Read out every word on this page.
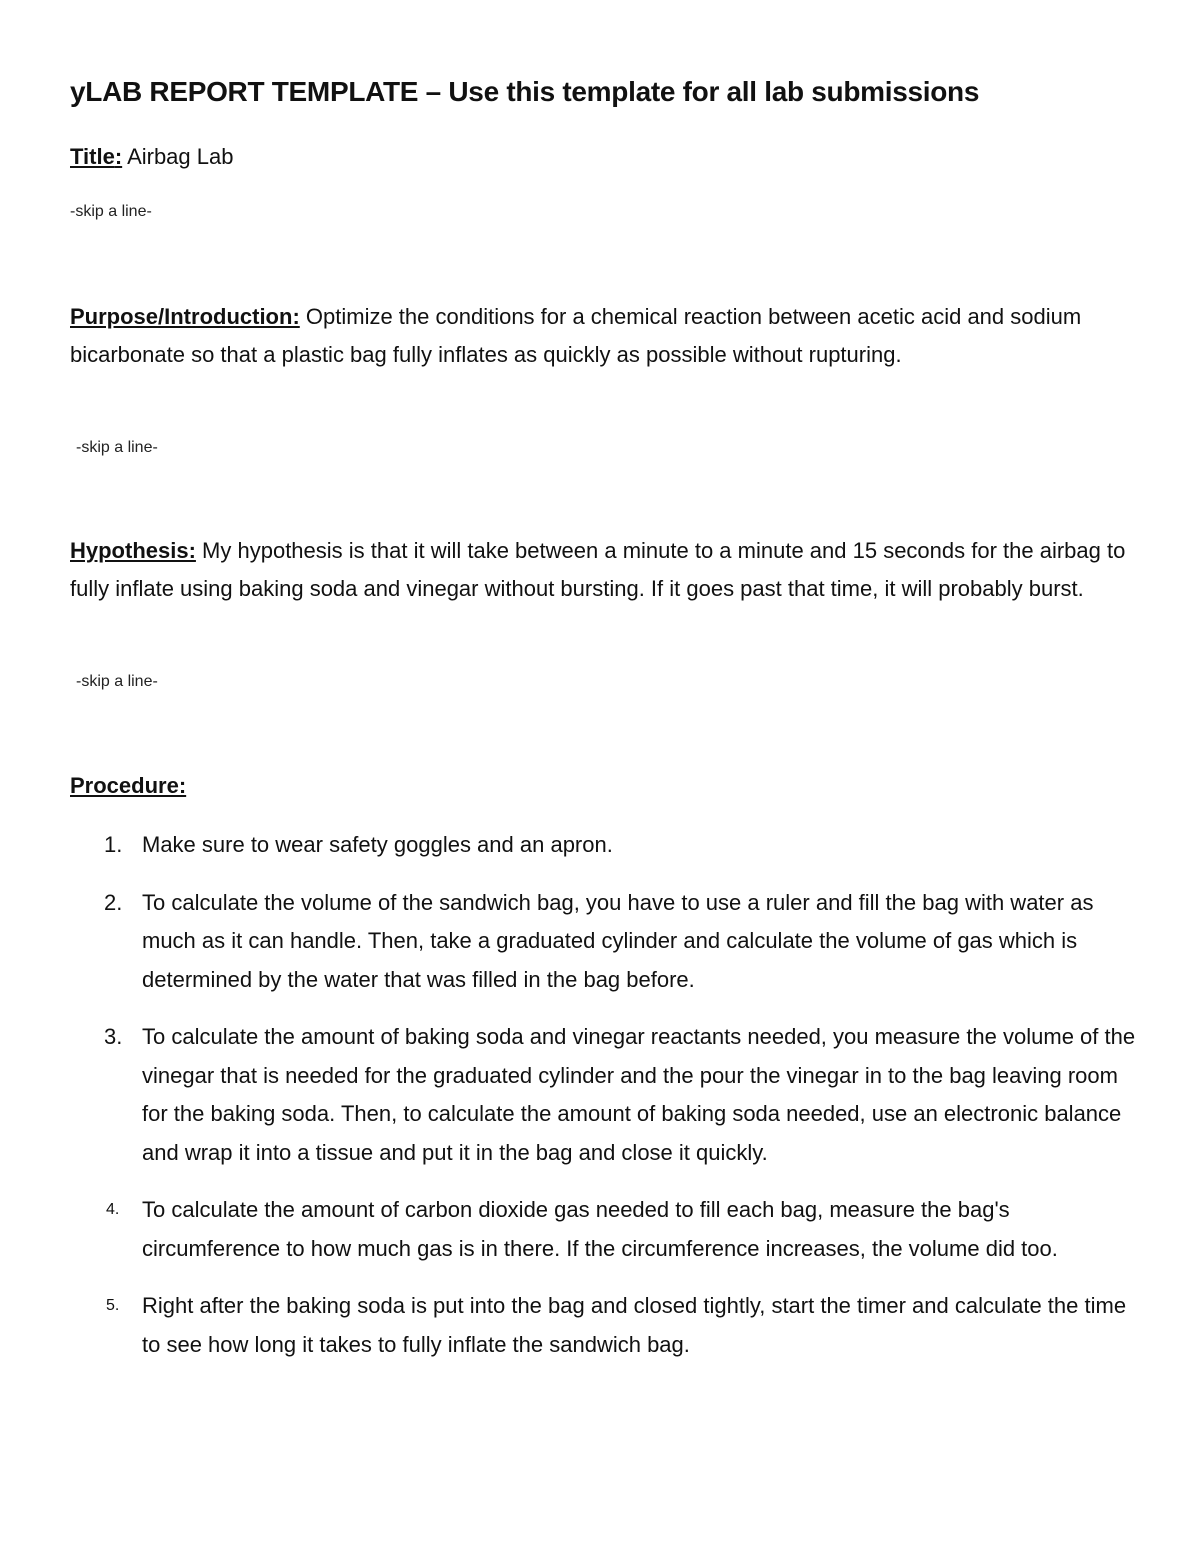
yLAB REPORT TEMPLATE – Use this template for all lab submissions
Title: Airbag Lab
-skip a line-
Purpose/Introduction: Optimize the conditions for a chemical reaction between acetic acid and sodium bicarbonate so that a plastic bag fully inflates as quickly as possible without rupturing.
-skip a line-
Hypothesis: My hypothesis is that it will take between a minute to a minute and 15 seconds for the airbag to fully inflate using baking soda and vinegar without bursting. If it goes past that time, it will probably burst.
-skip a line-
Procedure:
1. Make sure to wear safety goggles and an apron.
2. To calculate the volume of the sandwich bag, you have to use a ruler and fill the bag with water as much as it can handle. Then, take a graduated cylinder and calculate the volume of gas which is determined by the water that was filled in the bag before.
3. To calculate the amount of baking soda and vinegar reactants needed, you measure the volume of the vinegar that is needed for the graduated cylinder and the pour the vinegar in to the bag leaving room for the baking soda. Then, to calculate the amount of baking soda needed, use an electronic balance and wrap it into a tissue and put it in the bag and close it quickly.
4. To calculate the amount of carbon dioxide gas needed to fill each bag, measure the bag's circumference to how much gas is in there. If the circumference increases, the volume did too.
5. Right after the baking soda is put into the bag and closed tightly, start the timer and calculate the time to see how long it takes to fully inflate the sandwich bag.
